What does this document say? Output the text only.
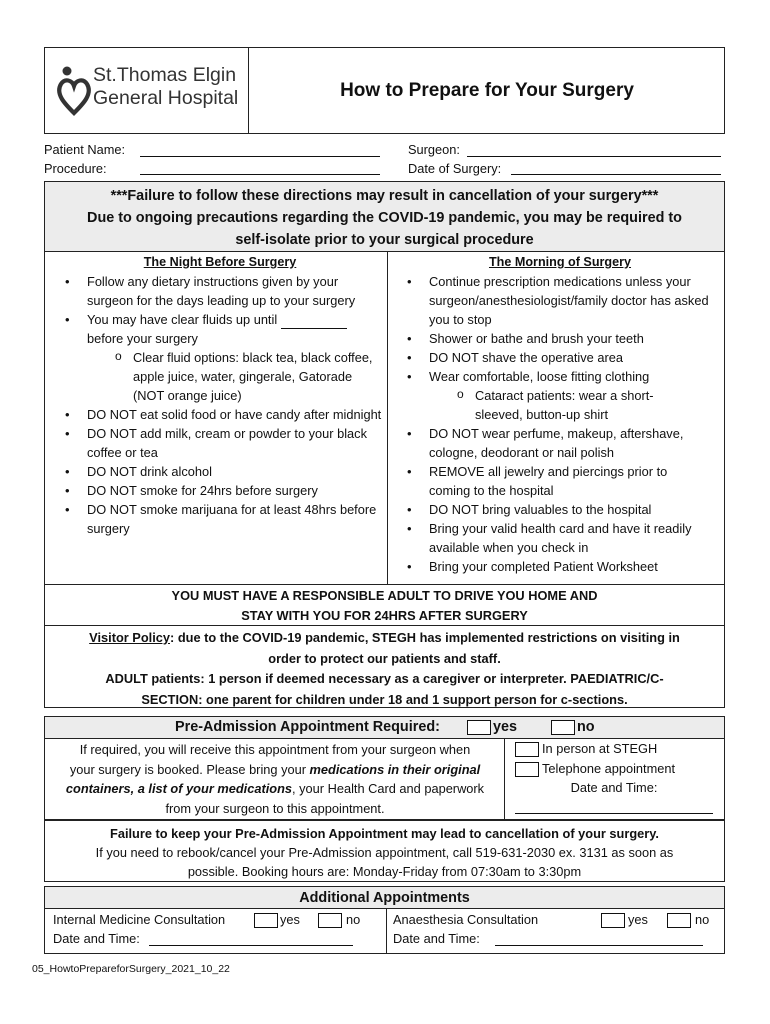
St.Thomas Elgin
General Hospital	How to Prepare for Your Surgery
Patient Name:
Procedure:
Surgeon:
Date of Surgery:
***Failure to follow these directions may result in cancellation of your surgery***
Due to ongoing precautions regarding the COVID-19 pandemic, you may be required to
self-isolate prior to your surgical procedure
The Night Before Surgery
• Follow any dietary instructions given by your surgeon for the days leading up to your surgery
• You may have clear fluids up until
before your surgery
o Clear fluid options: black tea, black coffee, apple juice, water, gingerale, Gatorade (NOT orange juice)
• DO NOT eat solid food or have candy after midnight
• DO NOT add milk, cream or powder to your black coffee or tea
• DO NOT drink alcohol
• DO NOT smoke for 24hrs before surgery
• DO NOT smoke marijuana for at least 48hrs before surgery
The Morning of Surgery
• Continue prescription medications unless your surgeon/anesthesiologist/family doctor has asked you to stop
• Shower or bathe and brush your teeth
• DO NOT shave the operative area
• Wear comfortable, loose fitting clothing
o Cataract patients: wear a short-sleeved, button-up shirt
• DO NOT wear perfume, makeup, aftershave, cologne, deodorant or nail polish
• REMOVE all jewelry and piercings prior to coming to the hospital
• DO NOT bring valuables to the hospital
• Bring your valid health card and have it readily available when you check in
• Bring your completed Patient Worksheet
YOU MUST HAVE A RESPONSIBLE ADULT TO DRIVE YOU HOME AND
STAY WITH YOU FOR 24HRS AFTER SURGERY
Visitor Policy: due to the COVID-19 pandemic, STEGH has implemented restrictions on visiting in
order to protect our patients and staff.
ADULT patients: 1 person if deemed necessary as a caregiver or interpreter. PAEDIATRIC/C-
SECTION: one parent for children under 18 and 1 support person for c-sections.
Pre-Admission Appointment Required:	yes	no
If required, you will receive this appointment from your surgeon when
your surgery is booked. Please bring your medications in their original
containers, a list of your medications, your Health Card and paperwork
from your surgeon to this appointment.
In person at STEGH
Telephone appointment
Date and Time:
Failure to keep your Pre-Admission Appointment may lead to cancellation of your surgery.
If you need to rebook/cancel your Pre-Admission appointment, call 519-631-2030 ex. 3131 as soon as
possible. Booking hours are: Monday-Friday from 07:30am to 3:30pm
Additional Appointments
Internal Medicine Consultation	yes	no
Date and Time:
Anaesthesia Consultation	yes	no
Date and Time:
05_HowtoPrepareforSurgery_2021_10_22
